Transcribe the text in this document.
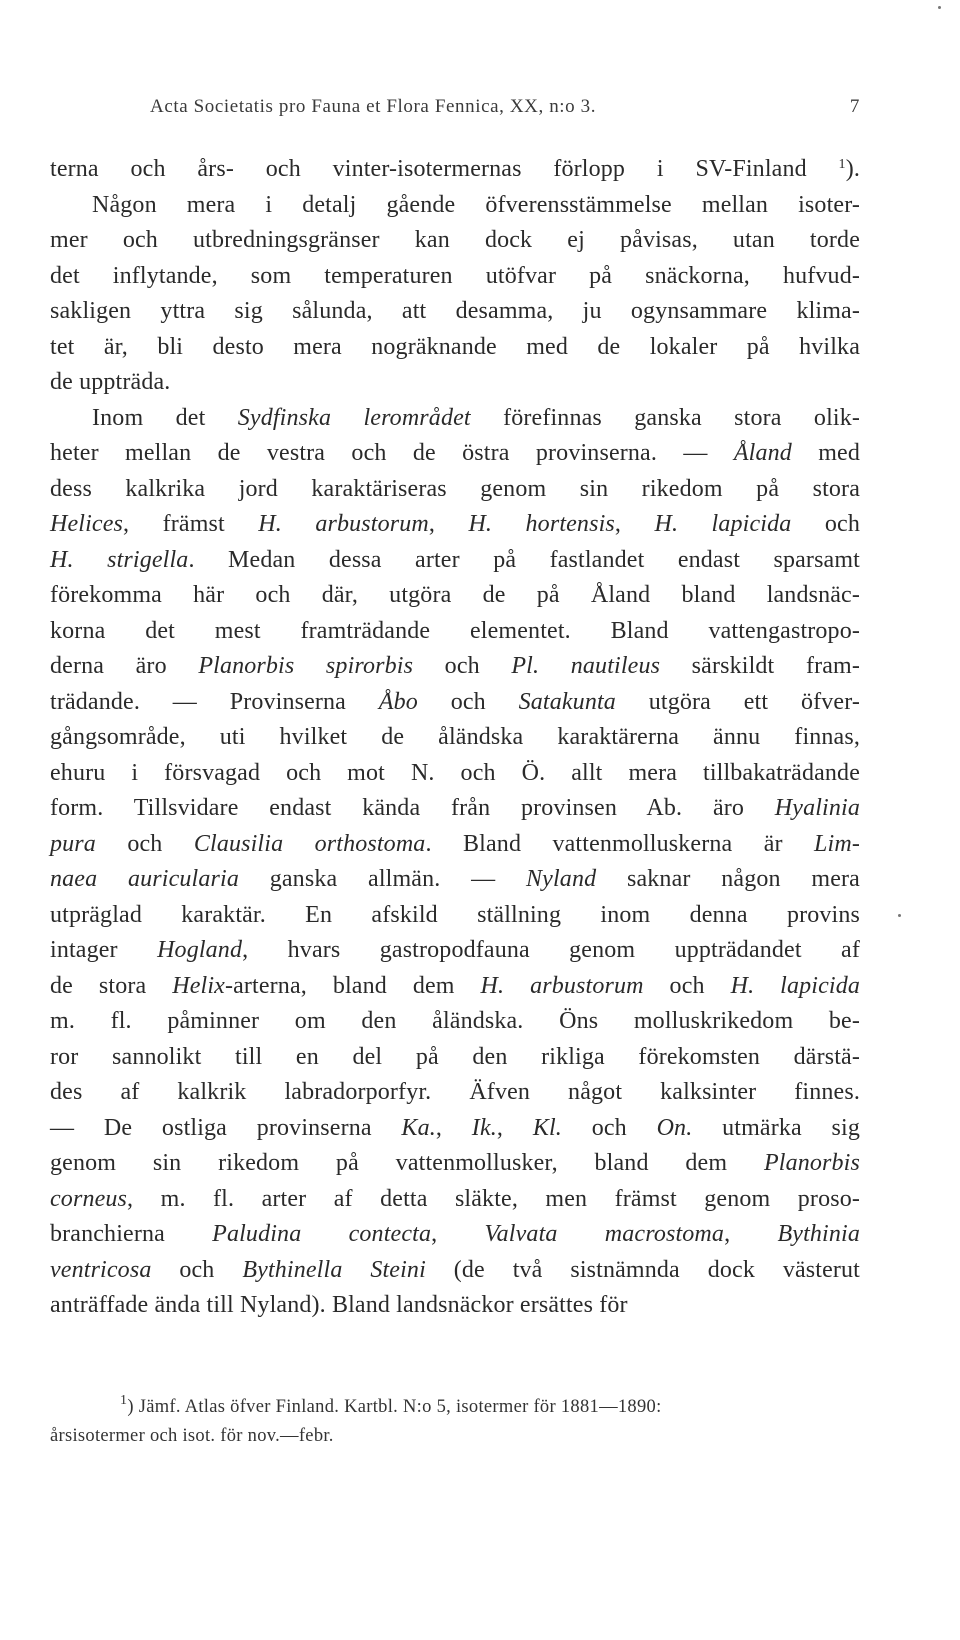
Acta Societatis pro Fauna et Flora Fennica, XX, n:o 3.	7
terna och års- och vinter-isotermernas förlopp i SV-Finland $^1$).
Någon mera i detalj gående öfverensstämmelse mellan isoter-
mer och utbredningsgränser kan dock ej påvisas, utan torde
det inflytande, som temperaturen utöfvar på snäckorna, hufvud-
sakligen yttra sig sålunda, att desamma, ju ogynsammare klima-
tet är, bli desto mera nogräknande med de lokaler på hvilka
de uppträda.
Inom det Sydfinska lerområdet förefinnas ganska stora olik-
heter mellan de vestra och de östra provinserna. — Åland med
dess kalkrika jord karaktäriseras genom sin rikedom på stora
Helices, främst H. arbustorum, H. hortensis, H. lapicida och
H. strigella. Medan dessa arter på fastlandet endast sparsamt
förekomma här och där, utgöra de på Åland bland landsnäc-
korna det mest framträdande elementet. Bland vattengastropo-
derna äro Planorbis spirorbis och Pl. nautileus särskildt fram-
trädande. — Provinserna Åbo och Satakunta utgöra ett öfver-
gångsområde, uti hvilket de åländska karaktärerna ännu finnas,
ehuru i försvagad och mot N. och Ö. allt mera tillbakaträdande
form. Tillsvidare endast kända från provinsen Ab. äro Hyalinia
pura och Clausilia orthostoma. Bland vattenmolluskerna är Lim-
naea auricularia ganska allmän. — Nyland saknar någon mera
utpräglad karaktär. En afskild ställning inom denna provins
intager Hogland, hvars gastropodfauna genom uppträdandet af
de stora Helix-arterna, bland dem H. arbustorum och H. lapicida
m. fl. påminner om den åländska. Öns molluskrikedom be-
ror sannolikt till en del på den rikliga förekomsten därstä-
des af kalkrik labradorporfyr. Äfven något kalksinter finnes.
— De ostliga provinserna Ka., Ik., Kl. och On. utmärka sig
genom sin rikedom på vattenmollusker, bland dem Planorbis
corneus, m. fl. arter af detta släkte, men främst genom proso-
branchierna Paludina contecta, Valvata macrostoma, Bythinia
ventricosa och Bythinella Steini (de två sistnämnda dock västerut
anträffade ända till Nyland). Bland landsnäckor ersättes för
$^1$) Jämf. Atlas öfver Finland. Kartbl. N:o 5, isotermer för 1881—1890:
årsisotermer och isot. för nov.—febr.
